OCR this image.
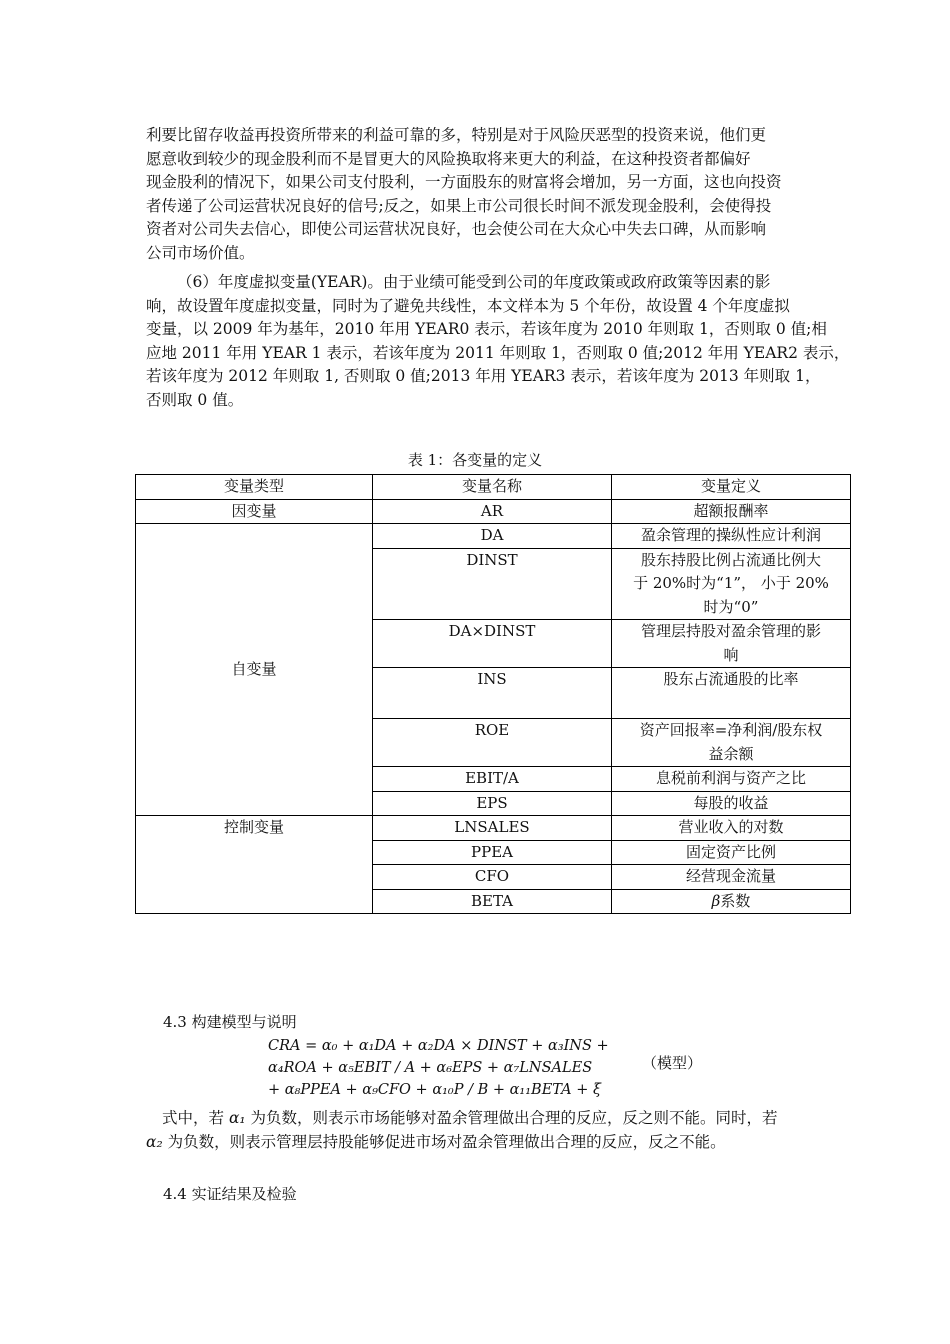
利要比留存收益再投资所带来的利益可靠的多，特别是对于风险厌恶型的投资来说，他们更
愿意收到较少的现金股利而不是冒更大的风险换取将来更大的利益，在这种投资者都偏好
现金股利的情况下，如果公司支付股利，一方面股东的财富将会增加，另一方面，这也向投资
者传递了公司运营状况良好的信号;反之，如果上市公司很长时间不派发现金股利，会使得投
资者对公司失去信心，即使公司运营状况良好，也会使公司在大众心中失去口碑，从而影响
公司市场价值。
（6）年度虚拟变量(YEAR)。由于业绩可能受到公司的年度政策或政府政策等因素的影
响，故设置年度虚拟变量，同时为了避免共线性，本文样本为 5 个年份，故设置 4 个年度虚拟
变量，以 2009 年为基年，2010 年用 YEAR0 表示，若该年度为 2010 年则取 1，否则取 0 值;相
应地 2011 年用 YEAR 1 表示，若该年度为 2011 年则取 1，否则取 0 值;2012 年用 YEAR2 表示，
若该年度为 2012 年则取 1, 否则取 0 值;2013 年用 YEAR3 表示，若该年度为 2013 年则取 1，
否则取 0 值。
表 1：各变量的定义
变量类型	变量名称	变量定义
因变量	AR	超额报酬率
自变量	DA	盈余管理的操纵性应计利润
	DINST	股东持股比例占流通比例大
于 20%时为“1”， 小于 20%
时为“0”
	DA×DINST	管理层持股对盈余管理的影
响
	INS	股东占流通股的比率
	ROE	资产回报率=净利润/股东权
益余额
	EBIT/A	息税前利润与资产之比
	EPS	每股的收益
控制变量	LNSALES	营业收入的对数
	PPEA	固定资产比例
	CFO	经营现金流量
	BETA	β系数
4.3 构建模型与说明
CRA = α₀ + α₁DA + α₂DA × DINST + α₃INS +
α₄ROA + α₅EBIT / A + α₆EPS + α₇LNSALES
+ α₈PPEA + α₉CFO + α₁₀P / B + α₁₁BETA + ξ
（模型）
式中，若 α₁ 为负数，则表示市场能够对盈余管理做出合理的反应，反之则不能。同时，若
α₂ 为负数，则表示管理层持股能够促进市场对盈余管理做出合理的反应，反之不能。
4.4 实证结果及检验
